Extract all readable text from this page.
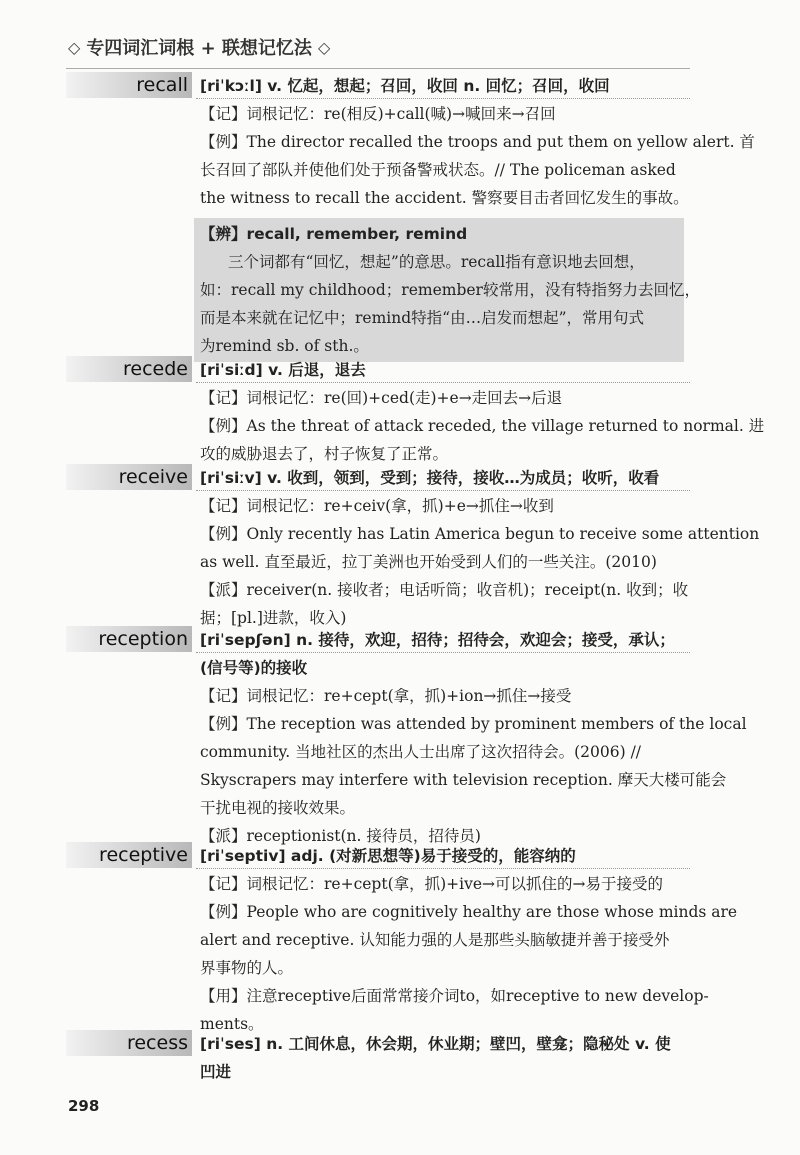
◇ 专四词汇词根 + 联想记忆法 ◇
recall [riˈkɔːl] v. 忆起，想起；召回，收回 n. 回忆；召回，收回
【记】词根记忆：re(相反)+call(喊)→喊回来→召回
【例】The director recalled the troops and put them on yellow alert. 首
长召回了部队并使他们处于预备警戒状态。// The policeman asked
the witness to recall the accident. 警察要目击者回忆发生的事故。
【辨】recall, remember, remind
三个词都有“回忆，想起”的意思。recall指有意识地去回想，
如：recall my childhood；remember较常用，没有特指努力去回忆，
而是本来就在记忆中；remind特指“由…启发而想起”，常用句式
为remind sb. of sth.。
recede [riˈsiːd] v. 后退，退去
【记】词根记忆：re(回)+ced(走)+e→走回去→后退
【例】As the threat of attack receded, the village returned to normal. 进
攻的威胁退去了，村子恢复了正常。
receive [riˈsiːv] v. 收到，领到，受到；接待，接收…为成员；收听，收看
【记】词根记忆：re+ceiv(拿，抓)+e→抓住→收到
【例】Only recently has Latin America begun to receive some attention
as well. 直至最近，拉丁美洲也开始受到人们的一些关注。(2010)
【派】receiver(n. 接收者；电话听筒；收音机)；receipt(n. 收到；收
据；[pl.]进款，收入)
reception [riˈsepʃən] n. 接待，欢迎，招待；招待会，欢迎会；接受，承认；
(信号等)的接收
【记】词根记忆：re+cept(拿，抓)+ion→抓住→接受
【例】The reception was attended by prominent members of the local
community. 当地社区的杰出人士出席了这次招待会。(2006) //
Skyscrapers may interfere with television reception. 摩天大楼可能会
干扰电视的接收效果。
【派】receptionist(n. 接待员，招待员)
receptive [riˈseptiv] adj. (对新思想等)易于接受的，能容纳的
【记】词根记忆：re+cept(拿，抓)+ive→可以抓住的→易于接受的
【例】People who are cognitively healthy are those whose minds are
alert and receptive. 认知能力强的人是那些头脑敏捷并善于接受外
界事物的人。
【用】注意receptive后面常常接介词to，如receptive to new develop-
ments。
recess [riˈses] n. 工间休息，休会期，休业期；壁凹，壁龛；隐秘处 v. 使
凹进
298
